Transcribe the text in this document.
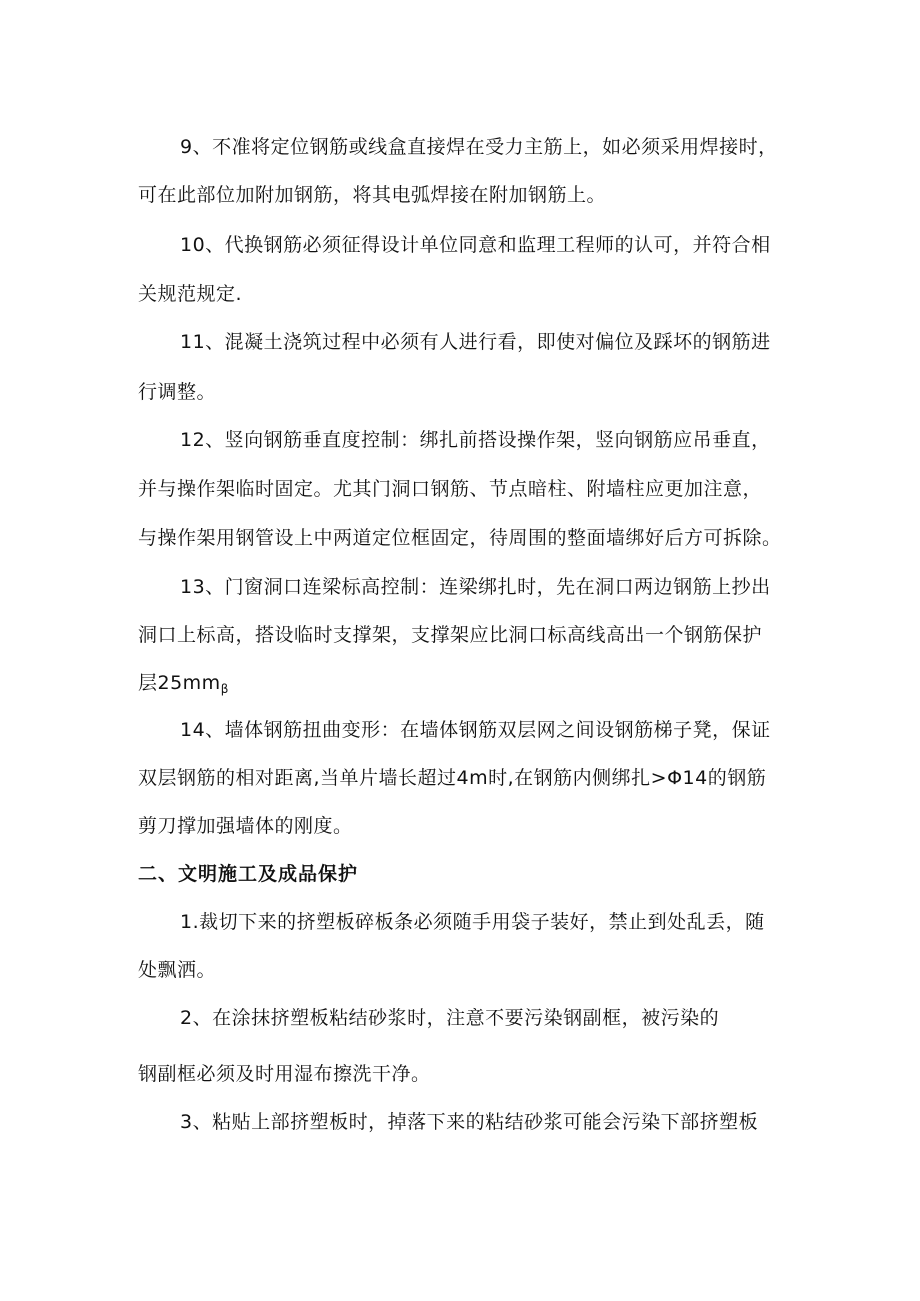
9、不准将定位钢筋或线盒直接焊在受力主筋上，如必须采用焊接时，
可在此部位加附加钢筋，将其电弧焊接在附加钢筋上。
10、代换钢筋必须征得设计单位同意和监理工程师的认可，并符合相
关规范规定.
11、混凝土浇筑过程中必须有人进行看，即使对偏位及踩坏的钢筋进
行调整。
12、竖向钢筋垂直度控制：绑扎前搭设操作架，竖向钢筋应吊垂直，
并与操作架临时固定。尤其门洞口钢筋、节点暗柱、附墙柱应更加注意，
与操作架用钢管设上中两道定位框固定，待周围的整面墙绑好后方可拆除。
13、门窗洞口连梁标高控制：连梁绑扎时，先在洞口两边钢筋上抄出
洞口上标高，搭设临时支撑架，支撑架应比洞口标高线高出一个钢筋保护
层$25mm_\beta$
14、墙体钢筋扭曲变形：在墙体钢筋双层网之间设钢筋梯子凳，保证
双层钢筋的相对距离,当单片墙长超过4m时,在钢筋内侧绑扎>Φ14的钢筋
剪刀撑加强墙体的刚度。
二、文明施工及成品保护
1.裁切下来的挤塑板碎板条必须随手用袋子装好，禁止到处乱丢，随
处飘洒。
2、在涂抹挤塑板粘结砂浆时，注意不要污染钢副框，被污染的
钢副框必须及时用湿布擦洗干净。
3、粘贴上部挤塑板时，掉落下来的粘结砂浆可能会污染下部挤塑板
